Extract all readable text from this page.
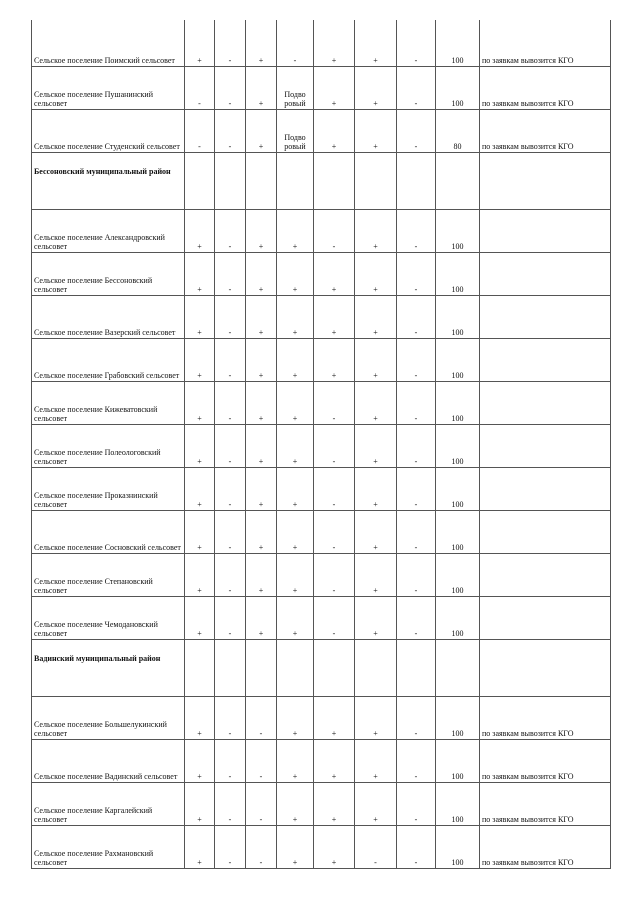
Сельское поселение Поимский сельсовет	+	-	+	-	+	+	-	100	по заявкам вывозится КГО
Сельское поселение Пушанинский сельсовет	-	-	+	Подво ровый	+	+	-	100	по заявкам вывозится КГО
Сельское поселение Студенский сельсовет	-	-	+	Подво ровый	+	+	-	80	по заявкам вывозится КГО
Бессоновский муниципальный район									
Сельское поселение Александровский сельсовет	+	-	+	+	-	+	-	100	
Сельское поселение Бессоновский сельсовет	+	-	+	+	+	+	-	100	
Сельское поселение Вазерский сельсовет	+	-	+	+	+	+	-	100	
Сельское поселение Грабовский сельсовет	+	-	+	+	+	+	-	100	
Сельское поселение Кижеватовский сельсовет	+	-	+	+	-	+	-	100	
Сельское поселение Полеологовский сельсовет	+	-	+	+	-	+	-	100	
Сельское поселение Проказнинский сельсовет	+	-	+	+	-	+	-	100	
Сельское поселение Сосновский сельсовет	+	-	+	+	-	+	-	100	
Сельское поселение Степановский сельсовет	+	-	+	+	-	+	-	100	
Сельское поселение Чемодановский сельсовет	+	-	+	+	-	+	-	100	
Вадинский муниципальный район									
Сельское поселение Большелукинский сельсовет	+	-	-	+	+	+	-	100	по заявкам вывозится КГО
Сельское поселение Вадинский сельсовет	+	-	-	+	+	+	-	100	по заявкам вывозится КГО
Сельское поселение Каргалейский сельсовет	+	-	-	+	+	+	-	100	по заявкам вывозится КГО
Сельское поселение Рахмановский сельсовет	+	-	-	+	+	-	-	100	по заявкам вывозится КГО
